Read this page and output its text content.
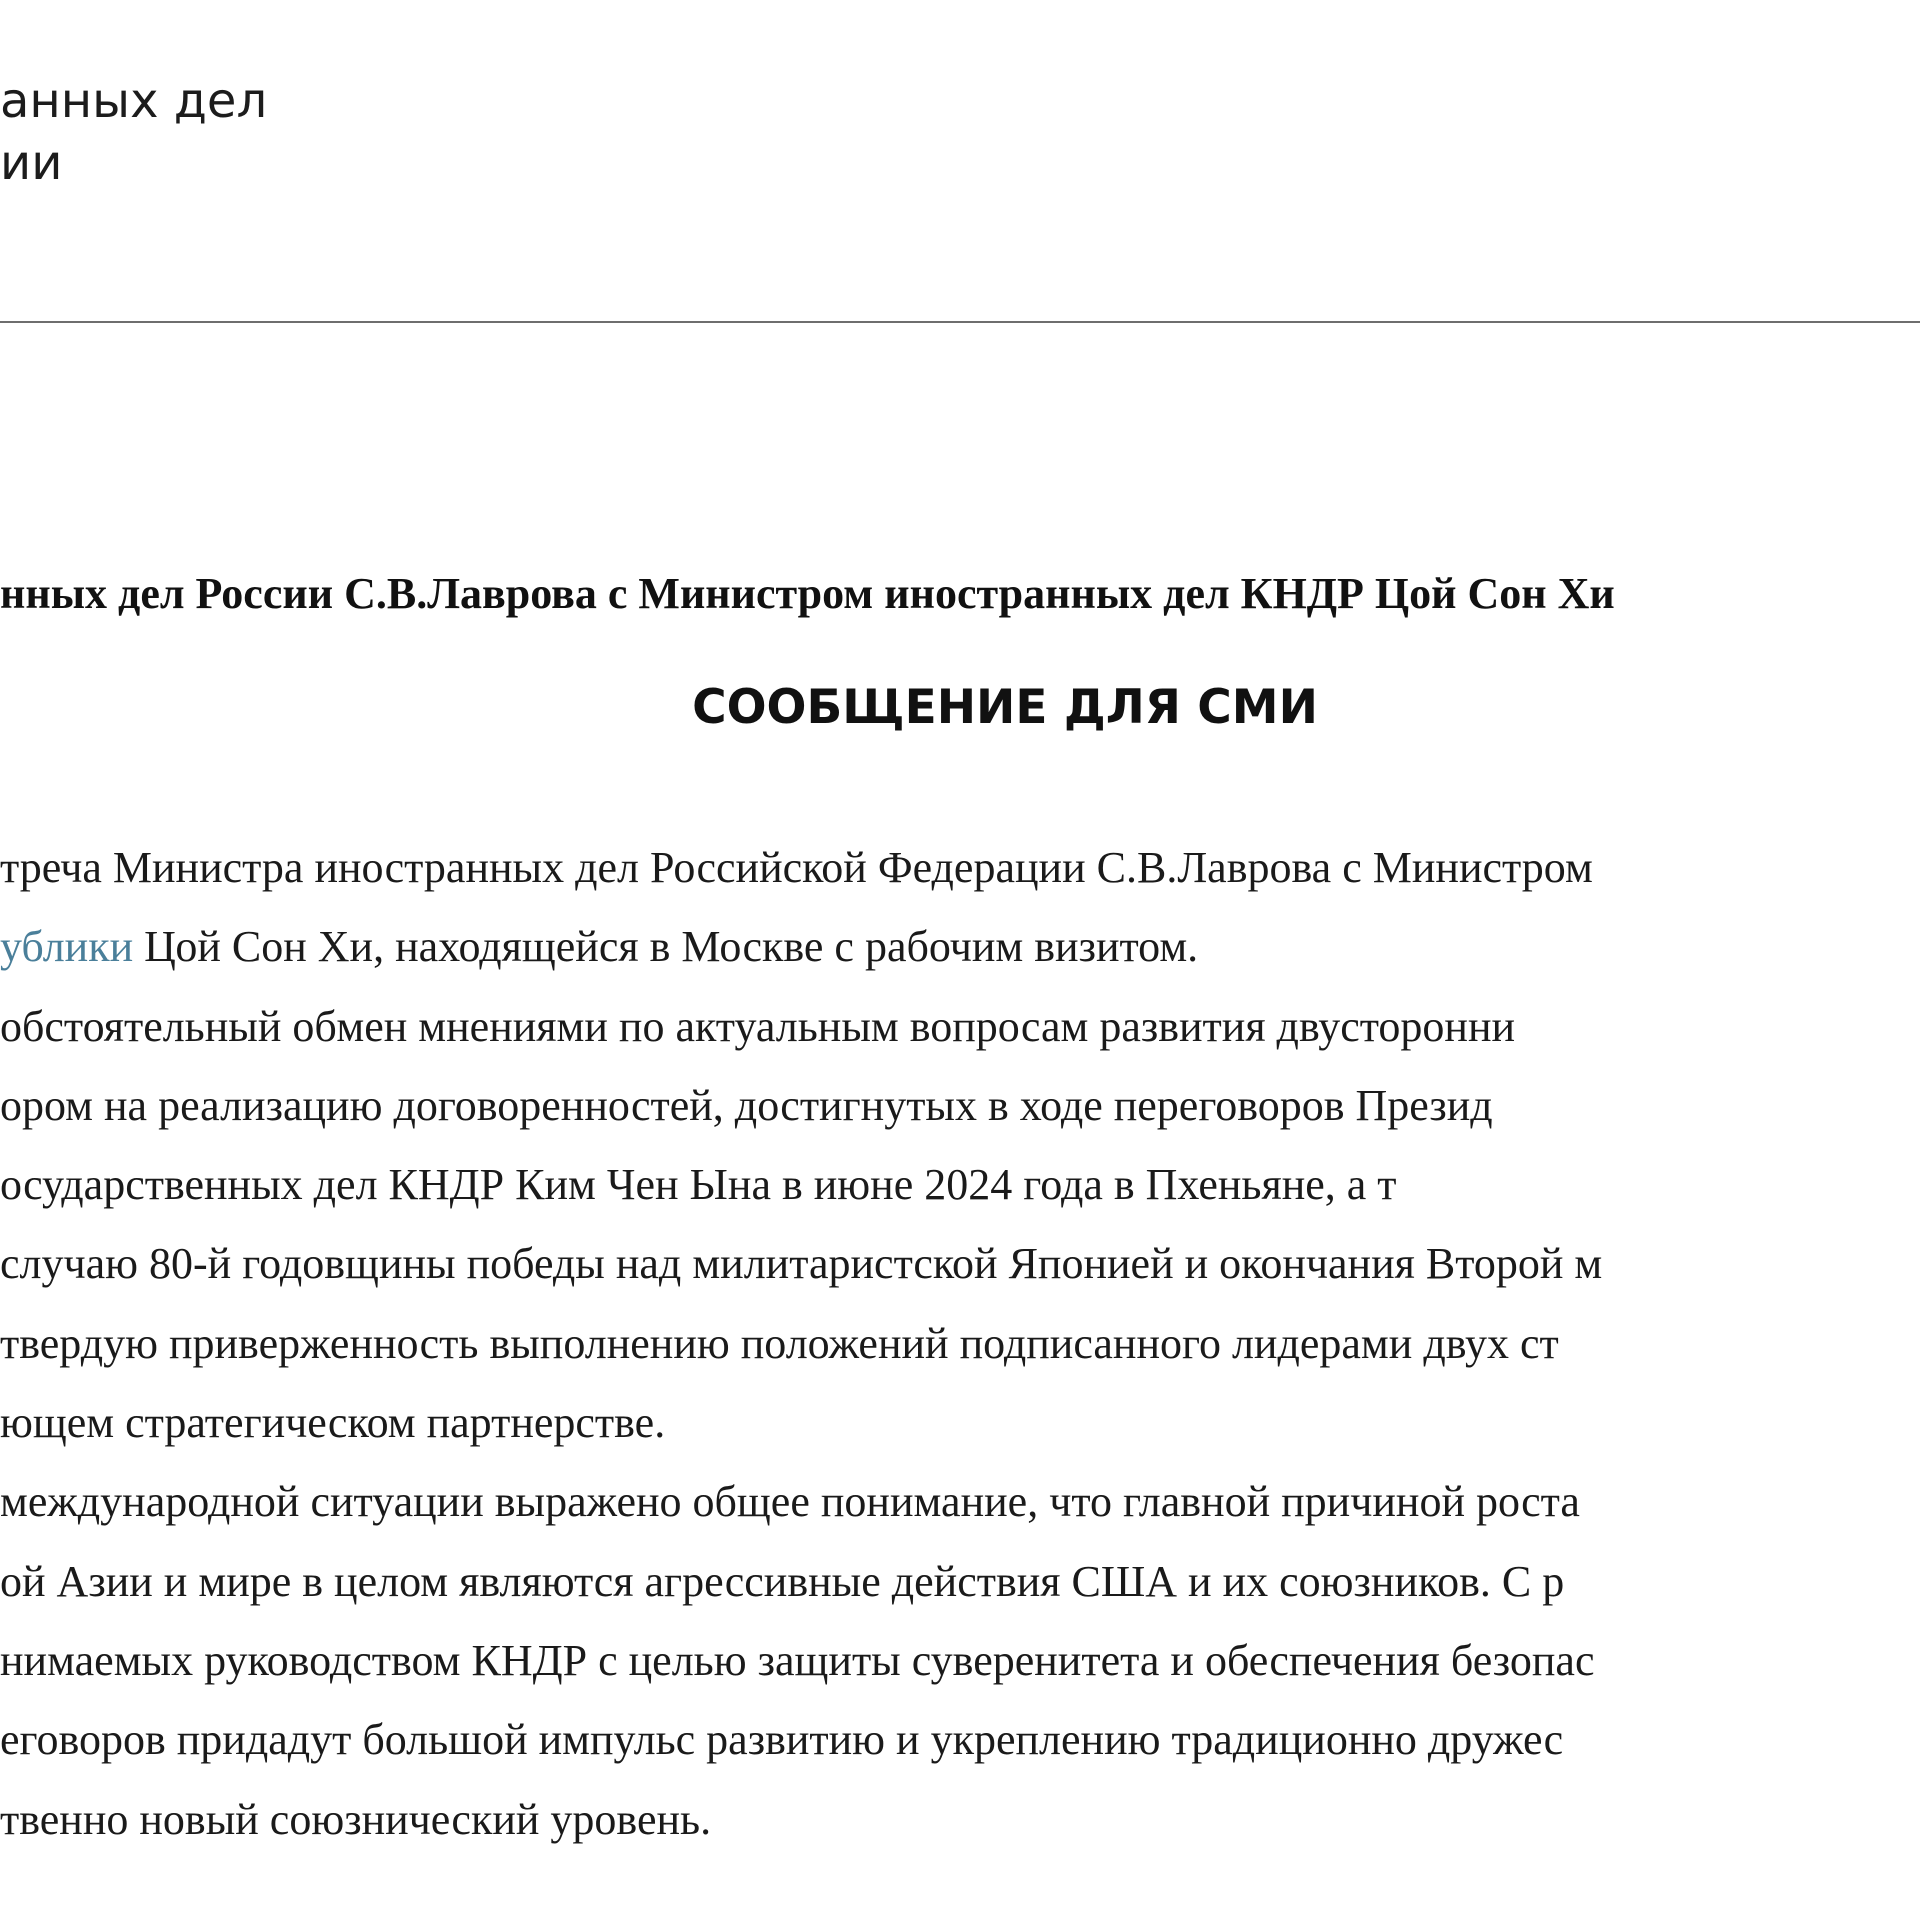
анных дел
ии
нных дел России С.В.Лаврова с Министром иностранных дел КНДР Цой Сон Хи
СООБЩЕНИЕ ДЛЯ СМИ
треча Министра иностранных дел Российской Федерации С.В.Лаврова с Министром
ублики Цой Сон Хи, находящейся в Москве с рабочим визитом.
обстоятельный обмен мнениями по актуальным вопросам развития двусторонни
ором на реализацию договоренностей, достигнутых в ходе переговоров Презид
осударственных дел КНДР Ким Чен Ына в июне 2024 года в Пхеньяне, а т
случаю 80-й годовщины победы над милитаристской Японией и окончания Второй м
твердую приверженность выполнению положений подписанного лидерами двух ст
ющем стратегическом партнерстве.
международной ситуации выражено общее понимание, что главной причиной роста
ой Азии и мире в целом являются агрессивные действия США и их союзников. С р
нимаемых руководством КНДР с целью защиты суверенитета и обеспечения безопас
еговоров придадут большой импульс развитию и укреплению традиционно дружес
твенно новый союзнический уровень.
